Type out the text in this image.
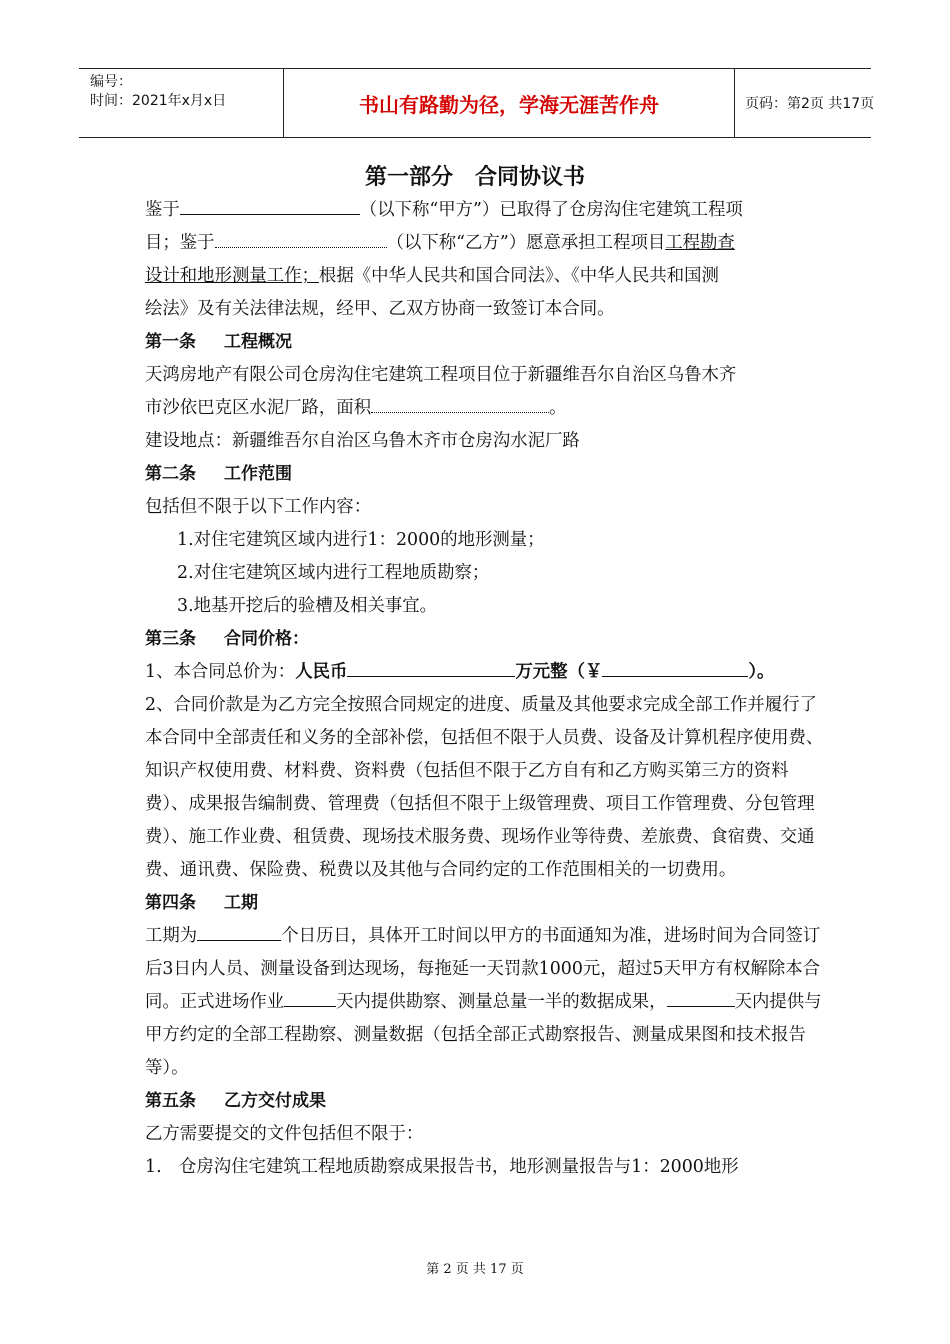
编号：
时间：2021年x月x日	书山有路勤为径，学海无涯苦作舟	页码：第2页 共17页
第一部分　合同协议书

鉴于	（以下称“甲方”）已取得了仓房沟住宅建筑工程项
目；鉴于	（以下称“乙方”）愿意承担工程项目工程勘查
设计和地形测量工作；根据《中华人民共和国合同法》、《中华人民共和国测
绘法》及有关法律法规，经甲、乙双方协商一致签订本合同。

第一条 工程概况

天鸿房地产有限公司仓房沟住宅建筑工程项目位于新疆维吾尔自治区乌鲁木齐
市沙依巴克区水泥厂路，面积	。

建设地点：新疆维吾尔自治区乌鲁木齐市仓房沟水泥厂路

第二条 工作范围

包括但不限于以下工作内容：

1.对住宅建筑区域内进行1：2000的地形测量；

2.对住宅建筑区域内进行工程地质勘察；

3.地基开挖后的验槽及相关事宜。

第三条 合同价格：

1、本合同总价为：人民币	万元整（￥	）。

2、合同价款是为乙方完全按照合同规定的进度、质量及其他要求完成全部工作并履行了本合同中全部责任和义务的全部补偿，包括但不限于人员费、设备及计算机程序使用费、知识产权使用费、材料费、资料费（包括但不限于乙方自有和乙方购买第三方的资料费）、成果报告编制费、管理费（包括但不限于上级管理费、项目工作管理费、分包管理费）、施工作业费、租赁费、现场技术服务费、现场作业等待费、差旅费、食宿费、交通费、通讯费、保险费、税费以及其他与合同约定的工作范围相关的一切费用。

第四条 工期

工期为	个日历日，具体开工时间以甲方的书面通知为准，进场时间为合同签订后3日内人员、测量设备到达现场，每拖延一天罚款1000元，超过5天甲方有权解除本合同。正式进场作业	天内提供勘察、测量总量一半的数据成果，	天内提供与甲方约定的全部工程勘察、测量数据（包括全部正式勘察报告、测量成果图和技术报告等）。

第五条 乙方交付成果

乙方需要提交的文件包括但不限于：

1.　仓房沟住宅建筑工程地质勘察成果报告书，地形测量报告与1：2000地形

第 2 页 共 17 页
